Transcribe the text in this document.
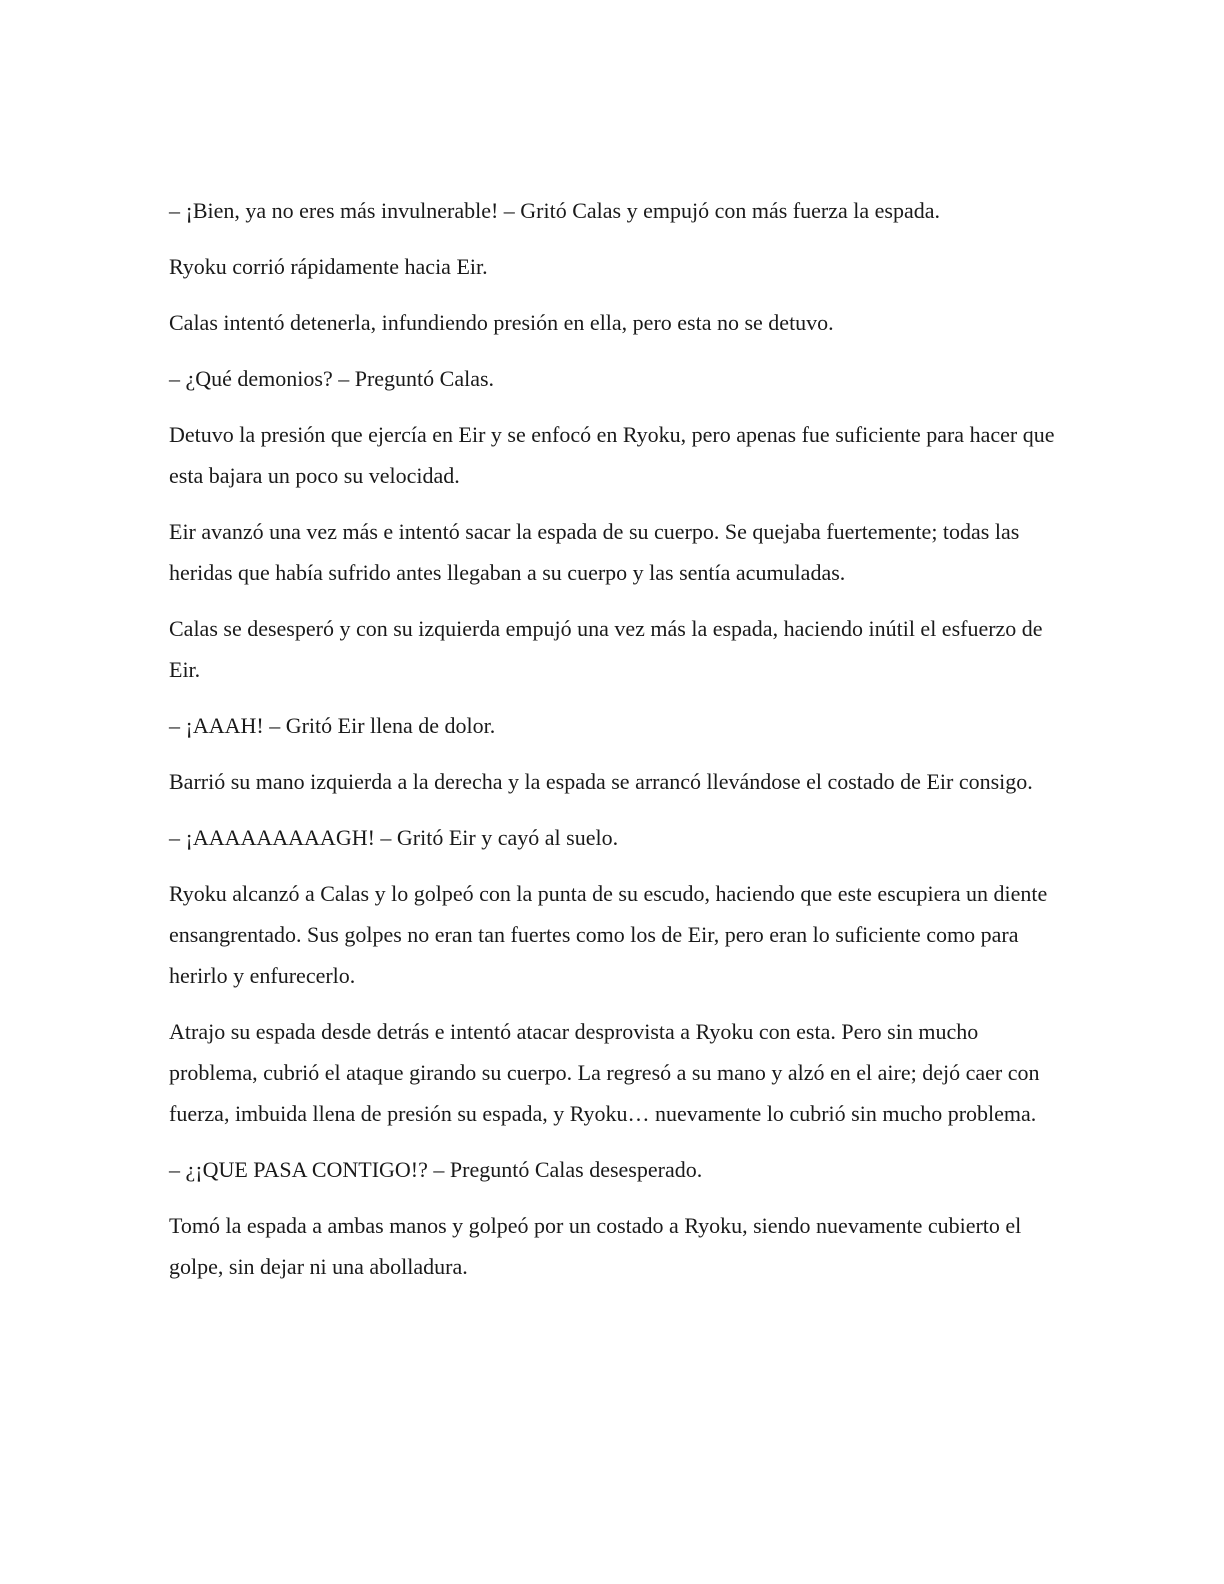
– ¡Bien, ya no eres más invulnerable! – Gritó Calas y empujó con más fuerza la espada.

Ryoku corrió rápidamente hacia Eir.

Calas intentó detenerla, infundiendo presión en ella, pero esta no se detuvo.

– ¿Qué demonios? – Preguntó Calas.

Detuvo la presión que ejercía en Eir y se enfocó en Ryoku, pero apenas fue suficiente para hacer que esta bajara un poco su velocidad.

Eir avanzó una vez más e intentó sacar la espada de su cuerpo. Se quejaba fuertemente; todas las heridas que había sufrido antes llegaban a su cuerpo y las sentía acumuladas.

Calas se desesperó y con su izquierda empujó una vez más la espada, haciendo inútil el esfuerzo de Eir.

– ¡AAAH! – Gritó Eir llena de dolor.

Barrió su mano izquierda a la derecha y la espada se arrancó llevándose el costado de Eir consigo.

– ¡AAAAAAAAAGH! – Gritó Eir y cayó al suelo.

Ryoku alcanzó a Calas y lo golpeó con la punta de su escudo, haciendo que este escupiera un diente ensangrentado. Sus golpes no eran tan fuertes como los de Eir, pero eran lo suficiente como para herirlo y enfurecerlo.

Atrajo su espada desde detrás e intentó atacar desprovista a Ryoku con esta. Pero sin mucho problema, cubrió el ataque girando su cuerpo. La regresó a su mano y alzó en el aire; dejó caer con fuerza, imbuida llena de presión su espada, y Ryoku… nuevamente lo cubrió sin mucho problema.

– ¿¡QUE PASA CONTIGO!? – Preguntó Calas desesperado.

Tomó la espada a ambas manos y golpeó por un costado a Ryoku, siendo nuevamente cubierto el golpe, sin dejar ni una abolladura.
